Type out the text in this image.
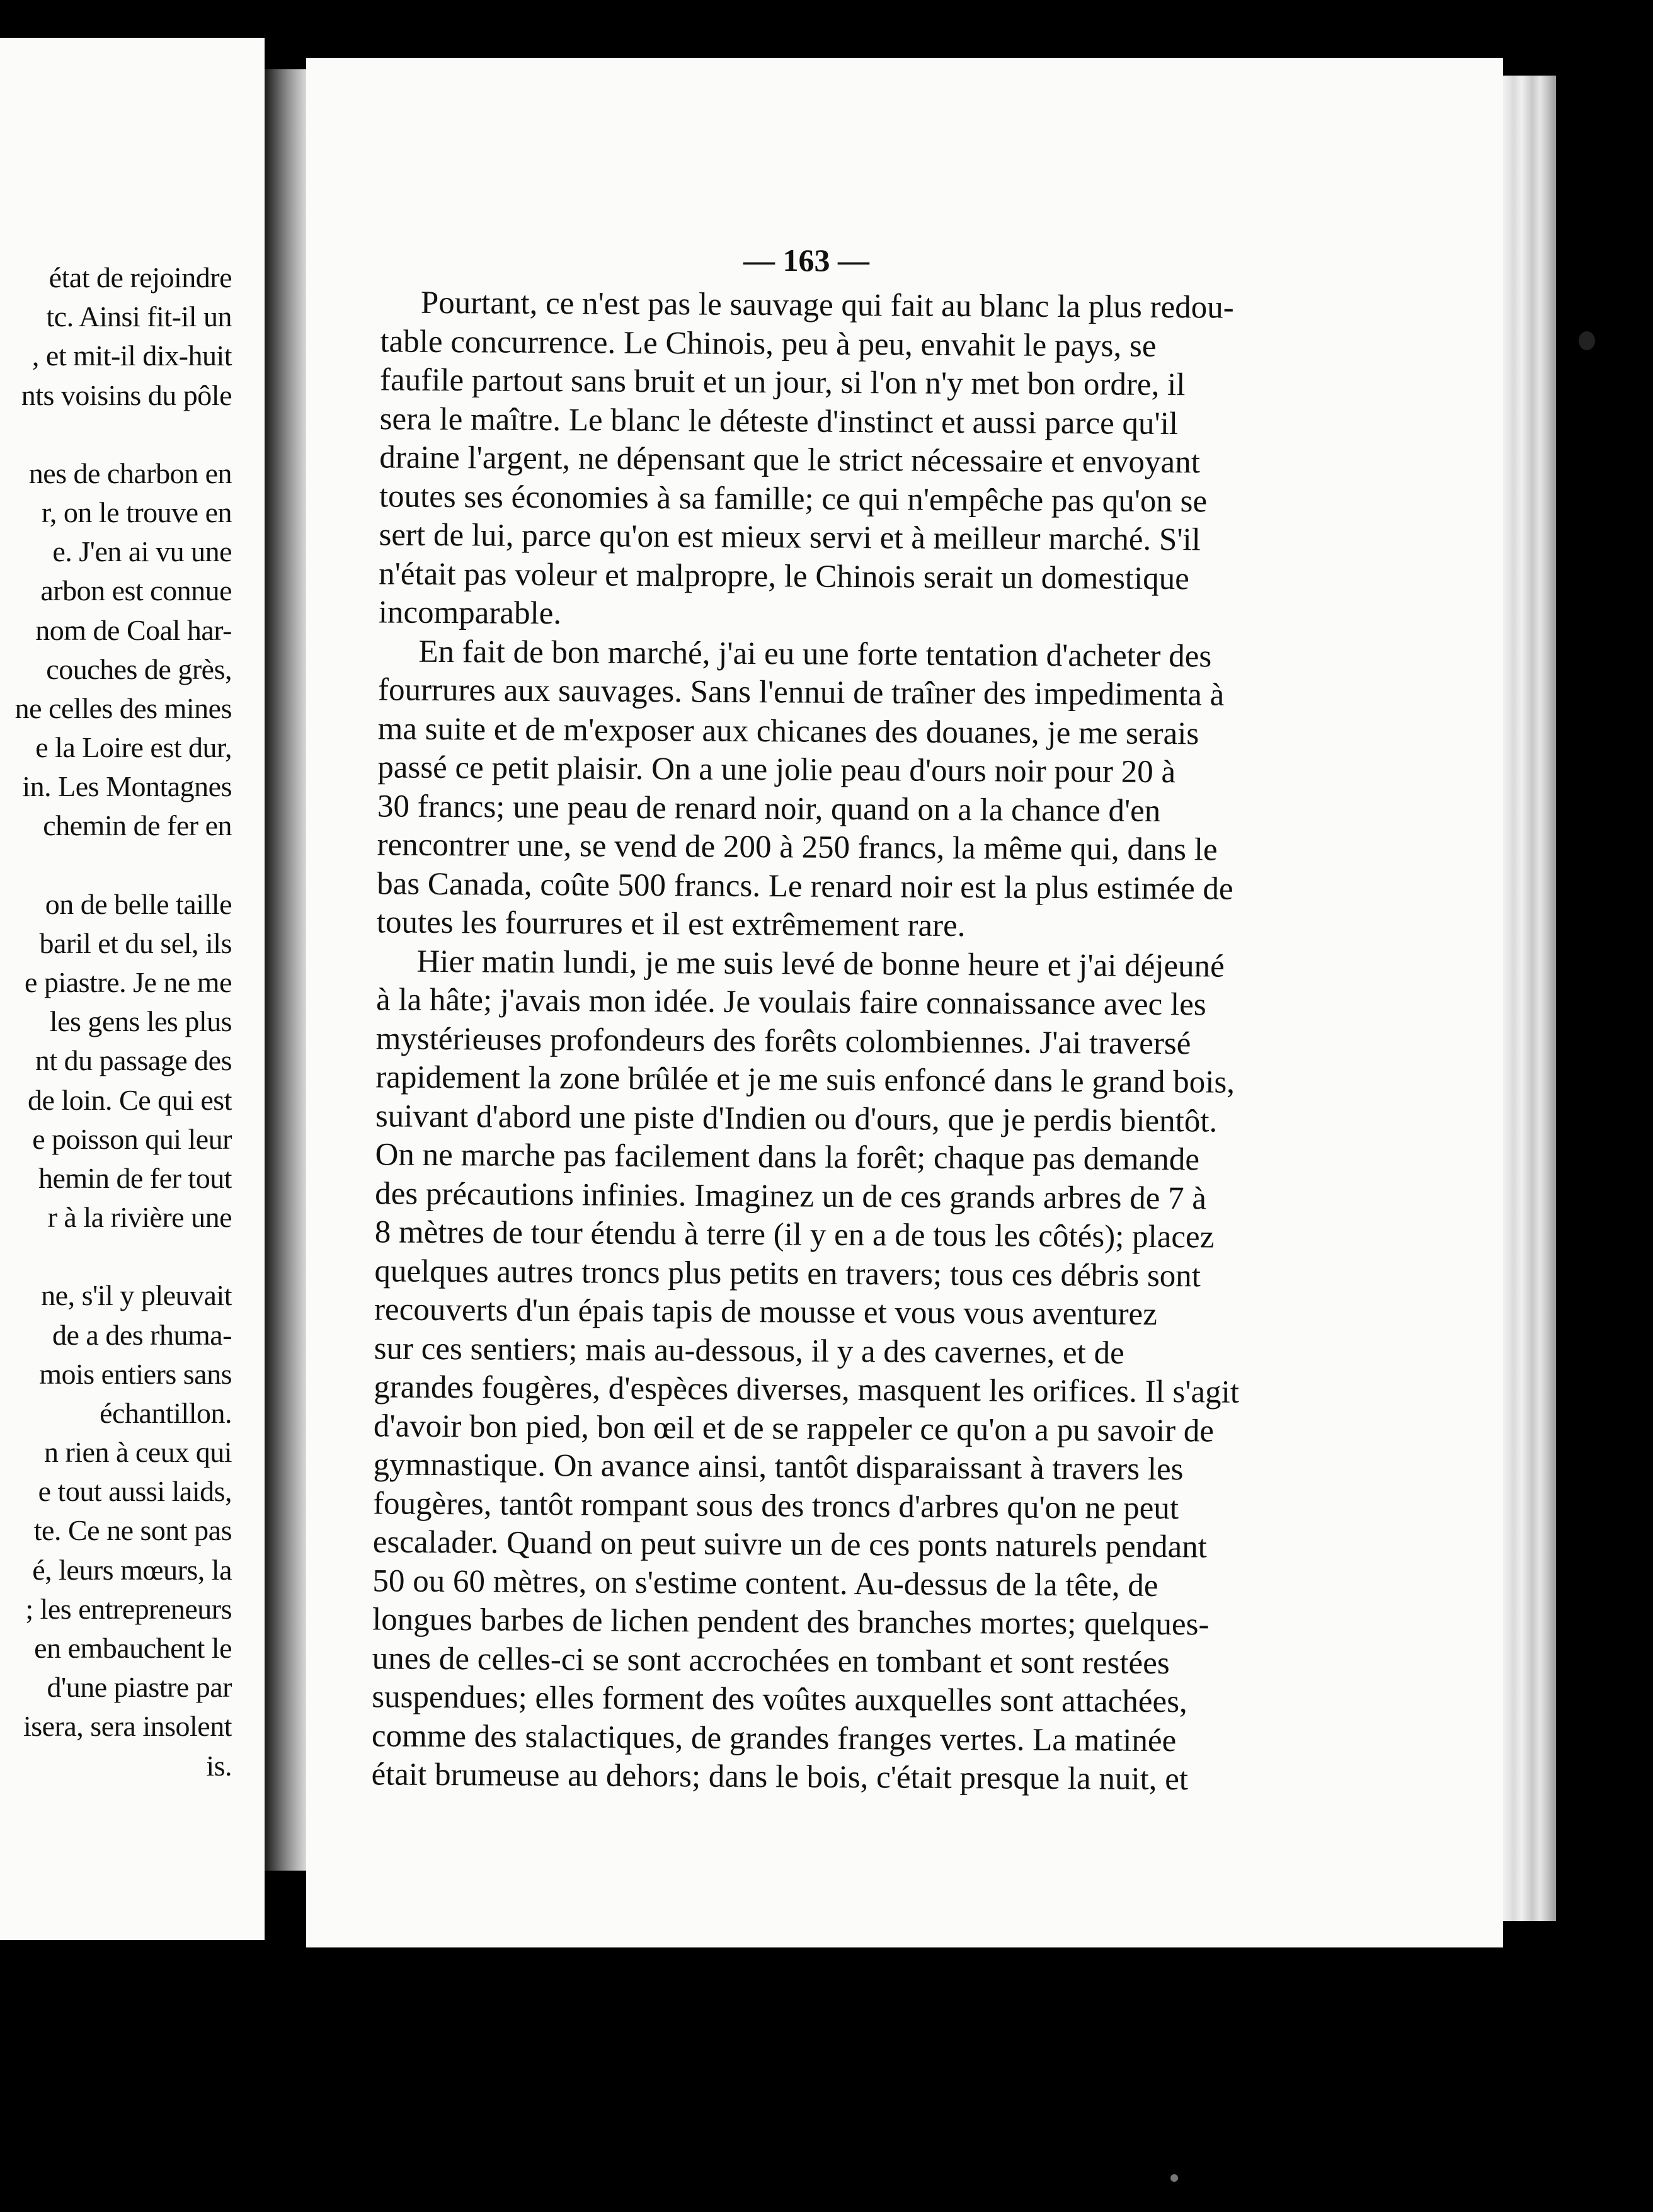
état de rejoindre
tc. Ainsi fit-il un
, et mit-il dix-huit
nts voisins du pôle
nes de charbon en
r, on le trouve en
e. J'en ai vu une
arbon est connue
nom de Coal har-
couches de grès,
ne celles des mines
e la Loire est dur,
in. Les Montagnes
chemin de fer en
on de belle taille
baril et du sel, ils
e piastre. Je ne me
les gens les plus
nt du passage des
de loin. Ce qui est
e poisson qui leur
hemin de fer tout
r à la rivière une
ne, s'il y pleuvait
de a des rhuma-
mois entiers sans
échantillon.
n rien à ceux qui
e tout aussi laids,
te. Ce ne sont pas
é, leurs mœurs, la
; les entrepreneurs
en embauchent le
d'une piastre par
isera, sera insolent
is.
— 163 —

Pourtant, ce n'est pas le sauvage qui fait au blanc la plus redou-
table concurrence. Le Chinois, peu à peu, envahit le pays, se
faufile partout sans bruit et un jour, si l'on n'y met bon ordre, il
sera le maître. Le blanc le déteste d'instinct et aussi parce qu'il
draine l'argent, ne dépensant que le strict nécessaire et envoyant
toutes ses économies à sa famille; ce qui n'empêche pas qu'on se
sert de lui, parce qu'on est mieux servi et à meilleur marché. S'il
n'était pas voleur et malpropre, le Chinois serait un domestique
incomparable.

En fait de bon marché, j'ai eu une forte tentation d'acheter des
fourrures aux sauvages. Sans l'ennui de traîner des impedimenta à
ma suite et de m'exposer aux chicanes des douanes, je me serais
passé ce petit plaisir. On a une jolie peau d'ours noir pour 20 à
30 francs; une peau de renard noir, quand on a la chance d'en
rencontrer une, se vend de 200 à 250 francs, la même qui, dans le
bas Canada, coûte 500 francs. Le renard noir est la plus estimée de
toutes les fourrures et il est extrêmement rare.

Hier matin lundi, je me suis levé de bonne heure et j'ai déjeuné
à la hâte; j'avais mon idée. Je voulais faire connaissance avec les
mystérieuses profondeurs des forêts colombiennes. J'ai traversé
rapidement la zone brûlée et je me suis enfoncé dans le grand bois,
suivant d'abord une piste d'Indien ou d'ours, que je perdis bientôt.
On ne marche pas facilement dans la forêt; chaque pas demande
des précautions infinies. Imaginez un de ces grands arbres de 7 à
8 mètres de tour étendu à terre (il y en a de tous les côtés); placez
quelques autres troncs plus petits en travers; tous ces débris sont
recouverts d'un épais tapis de mousse et vous vous aventurez
sur ces sentiers; mais au-dessous, il y a des cavernes, et de
grandes fougères, d'espèces diverses, masquent les orifices. Il s'agit
d'avoir bon pied, bon œil et de se rappeler ce qu'on a pu savoir de
gymnastique. On avance ainsi, tantôt disparaissant à travers les
fougères, tantôt rompant sous des troncs d'arbres qu'on ne peut
escalader. Quand on peut suivre un de ces ponts naturels pendant
50 ou 60 mètres, on s'estime content. Au-dessus de la tête, de
longues barbes de lichen pendent des branches mortes; quelques-
unes de celles-ci se sont accrochées en tombant et sont restées
suspendues; elles forment des voûtes auxquelles sont attachées,
comme des stalactiques, de grandes franges vertes. La matinée
était brumeuse au dehors; dans le bois, c'était presque la nuit, et
